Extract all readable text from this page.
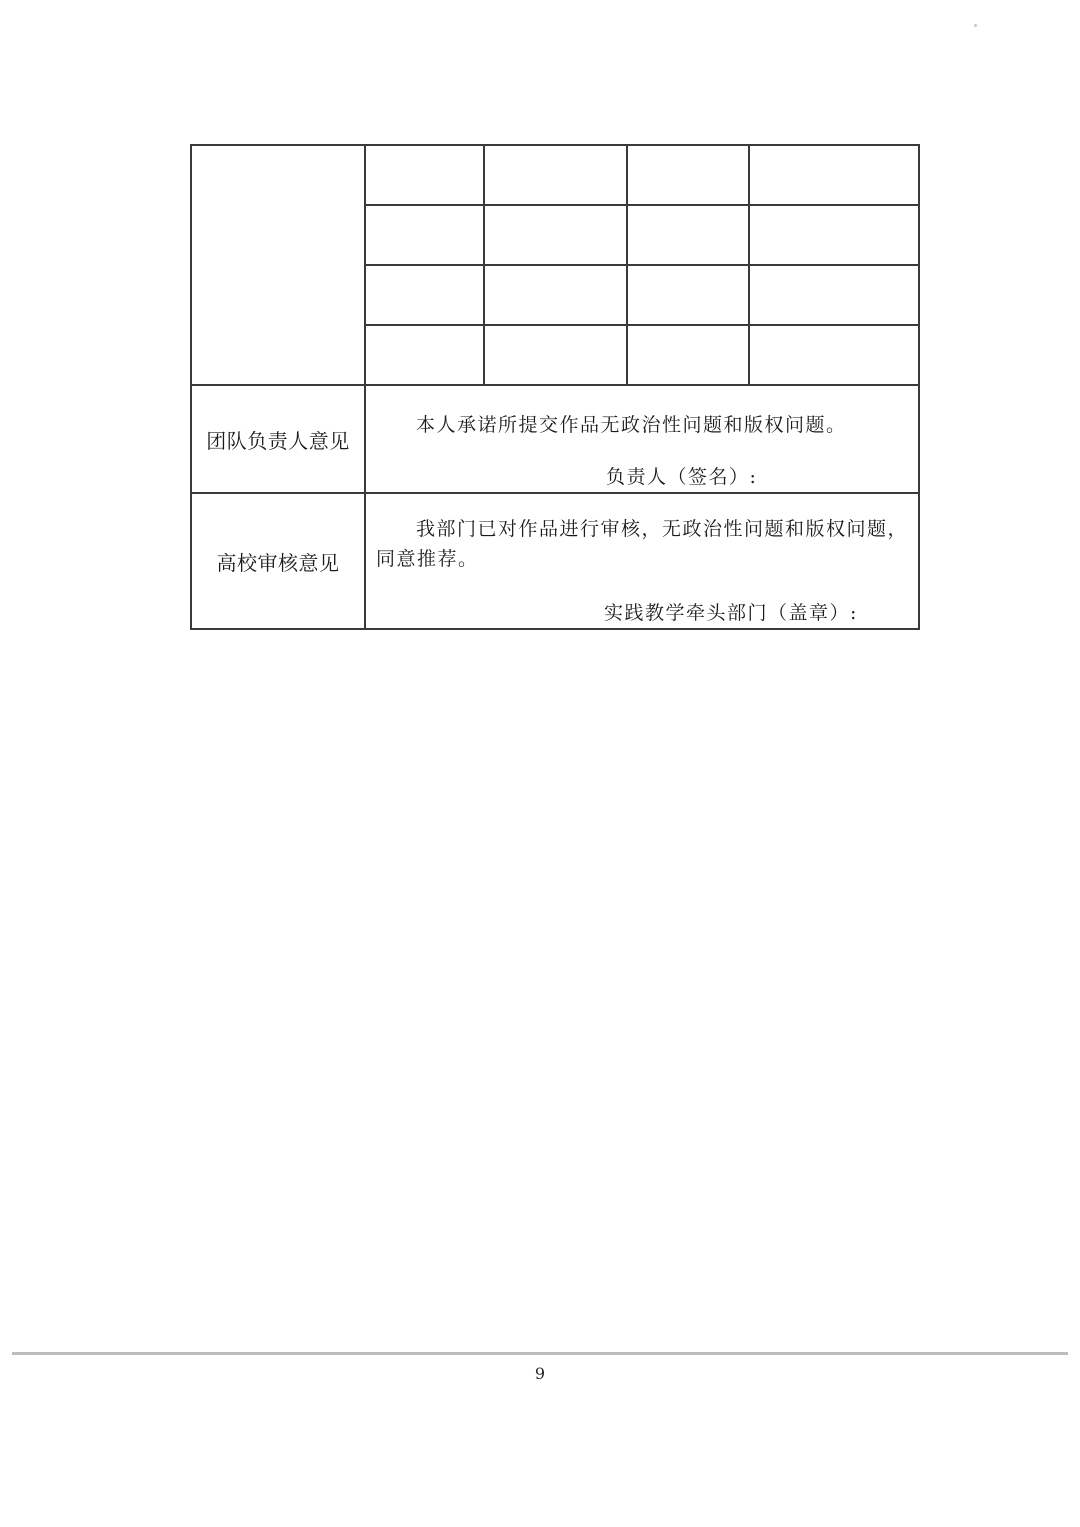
团队负责人意见	本人承诺所提交作品无政治性问题和版权问题。
负责人（签名）:			

高校审核意见	我部门已对作品进行审核，无政治性问题和版权问题，同意推荐。
实践教学牵头部门（盖章）:			
9
